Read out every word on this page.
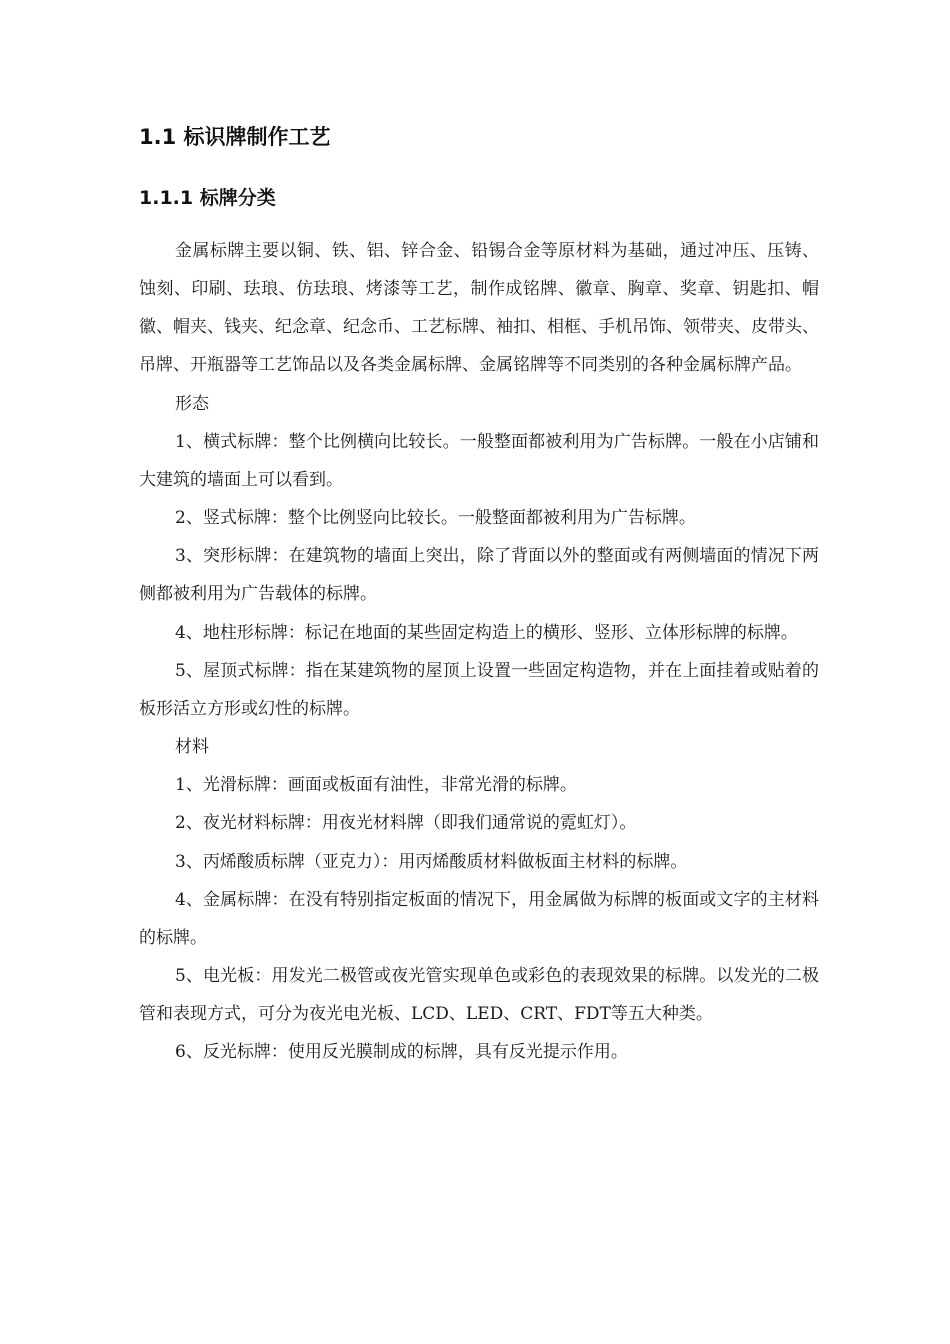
1.1 标识牌制作工艺
1.1.1 标牌分类

金属标牌主要以铜、铁、铝、锌合金、铅锡合金等原材料为基础，通过冲压、压铸、蚀刻、印刷、珐琅、仿珐琅、烤漆等工艺，制作成铭牌、徽章、胸章、奖章、钥匙扣、帽徽、帽夹、钱夹、纪念章、纪念币、工艺标牌、袖扣、相框、手机吊饰、领带夹、皮带头、吊牌、开瓶器等工艺饰品以及各类金属标牌、金属铭牌等不同类别的各种金属标牌产品。

形态

1、横式标牌：整个比例横向比较长。一般整面都被利用为广告标牌。一般在小店铺和大建筑的墙面上可以看到。

2、竖式标牌：整个比例竖向比较长。一般整面都被利用为广告标牌。

3、突形标牌：在建筑物的墙面上突出，除了背面以外的整面或有两侧墙面的情况下两侧都被利用为广告载体的标牌。

4、地柱形标牌：标记在地面的某些固定构造上的横形、竖形、立体形标牌的标牌。

5、屋顶式标牌：指在某建筑物的屋顶上设置一些固定构造物，并在上面挂着或贴着的板形活立方形或幻性的标牌。

材料

1、光滑标牌：画面或板面有油性，非常光滑的标牌。

2、夜光材料标牌：用夜光材料牌（即我们通常说的霓虹灯）。

3、丙烯酸质标牌（亚克力）：用丙烯酸质材料做板面主材料的标牌。

4、金属标牌：在没有特别指定板面的情况下，用金属做为标牌的板面或文字的主材料的标牌。

5、电光板：用发光二极管或夜光管实现单色或彩色的表现效果的标牌。以发光的二极管和表现方式，可分为夜光电光板、LCD、LED、CRT、FDT等五大种类。

6、反光标牌：使用反光膜制成的标牌，具有反光提示作用。
